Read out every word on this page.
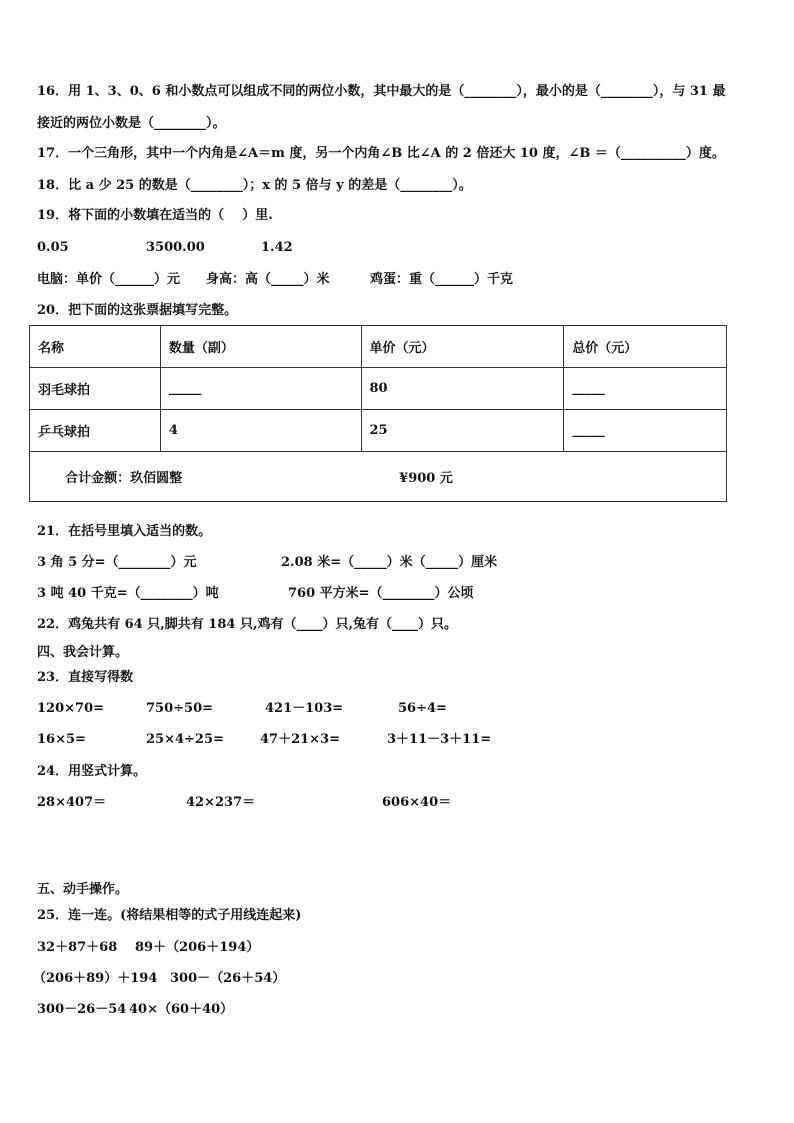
16．用 1、3、0、6 和小数点可以组成不同的两位小数，其中最大的是（________），最小的是（________），与 31 最
接近的两位小数是（________）。
17．一个三角形，其中一个内角是∠A＝m 度，另一个内角∠B 比∠A 的 2 倍还大 10 度，∠B ＝（__________）度。
18．比 a 少 25 的数是（________）；x 的 5 倍与 y 的差是（________）。
19．将下面的小数填在适当的（    ）里.
0.05	3500.00	1.42
电脑：单价（______）元 身高：高（_____）米	鸡蛋：重（______）千克
20．把下面的这张票据填写完整。
名称	数量（副）	单价（元）	总价（元）
羽毛球拍	_____	80	_____
乒乓球拍	4	25	_____

合计金额：玖佰圆整 ¥900 元			

21．在括号里填入适当的数。
3 角 5 分=（________）元	2.08 米=（_____）米（_____）厘米
3 吨 40 千克=（________）吨	760 平方米=（________）公顷
22．鸡兔共有 64 只,脚共有 184 只,鸡有（____）只,兔有（____）只。
四、我会计算。
23．直接写得数
120×70=	750÷50=	421－103=	56÷4=
16×5=	25×4÷25=	47＋21×3=	3＋11－3＋11=
24．用竖式计算。
28×407＝	42×237＝	606×40＝
五、动手操作。
25．连一连。(将结果相等的式子用线连起来)
32＋87＋68 89＋（206＋194）
（206＋89）＋194 300－（26＋54）
300－26－54 40×（60＋40）
